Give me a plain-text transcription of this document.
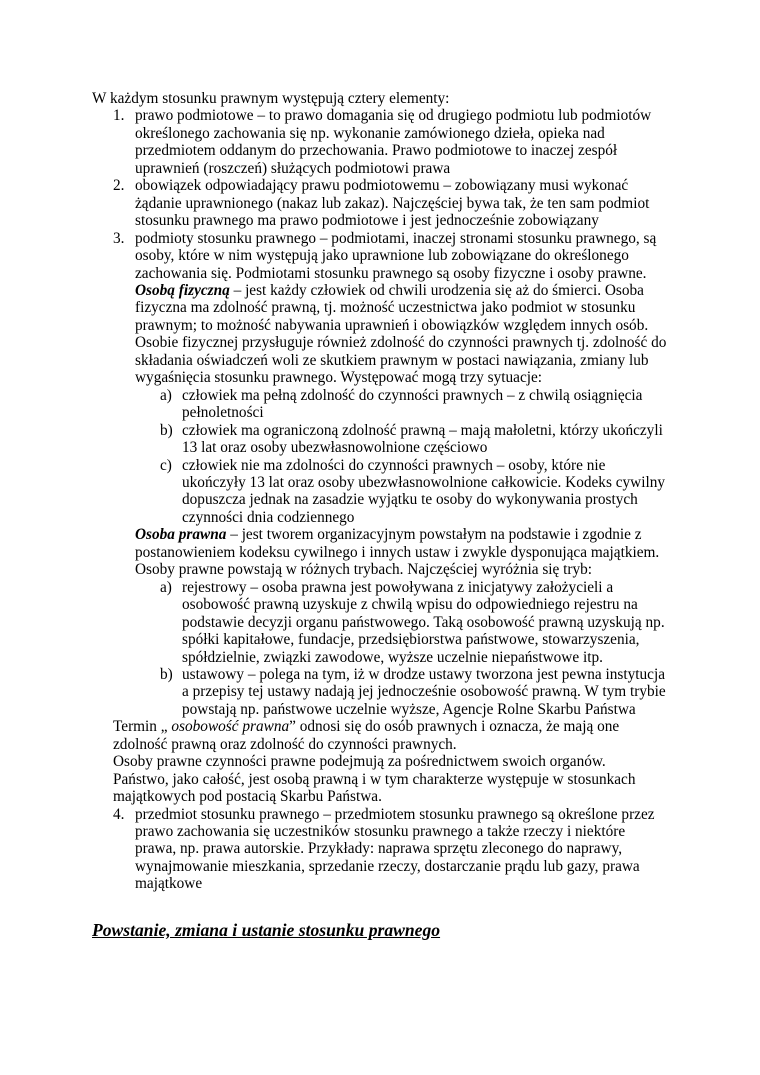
W każdym stosunku prawnym występują cztery elementy:

1. prawo podmiotowe – to prawo domagania się od drugiego podmiotu lub podmiotów określonego zachowania się np. wykonanie zamówionego dzieła, opieka nad przedmiotem oddanym do przechowania. Prawo podmiotowe to inaczej zespół uprawnień (roszczeń) służących podmiotowi prawa
2. obowiązek odpowiadający prawu podmiotowemu – zobowiązany musi wykonać żądanie uprawnionego (nakaz lub zakaz). Najczęściej bywa tak, że ten sam podmiot stosunku prawnego ma prawo podmiotowe i jest jednocześnie zobowiązany
3. podmioty stosunku prawnego – podmiotami, inaczej stronami stosunku prawnego, są osoby, które w nim występują jako uprawnione lub zobowiązane do określonego zachowania się. Podmiotami stosunku prawnego są osoby fizyczne i osoby prawne.

Osobą fizyczną – jest każdy człowiek od chwili urodzenia się aż do śmierci. Osoba fizyczna ma zdolność prawną, tj. możność uczestnictwa jako podmiot w stosunku prawnym; to możność nabywania uprawnień i obowiązków względem innych osób. Osobie fizycznej przysługuje również zdolność do czynności prawnych tj. zdolność do składania oświadczeń woli ze skutkiem prawnym w postaci nawiązania, zmiany lub wygaśnięcia stosunku prawnego. Występować mogą trzy sytuacje:

a) człowiek ma pełną zdolność do czynności prawnych – z chwilą osiągnięcia pełnoletności
b) człowiek ma ograniczoną zdolność prawną – mają małoletni, którzy ukończyli 13 lat oraz osoby ubezwłasnowolnione częściowo
c) człowiek nie ma zdolności do czynności prawnych – osoby, które nie ukończyły 13 lat oraz osoby ubezwłasnowolnione całkowicie. Kodeks cywilny dopuszcza jednak na zasadzie wyjątku te osoby do wykonywania prostych czynności dnia codziennego

Osoba prawna – jest tworem organizacyjnym powstałym na podstawie i zgodnie z postanowieniem kodeksu cywilnego i innych ustaw i zwykle dysponująca majątkiem. Osoby prawne powstają w różnych trybach. Najczęściej wyróżnia się tryb:

a) rejestrowy – osoba prawna jest powoływana z inicjatywy założycieli a osobowość prawną uzyskuje z chwilą wpisu do odpowiedniego rejestru na podstawie decyzji organu państwowego. Taką osobowość prawną uzyskują np. spółki kapitałowe, fundacje, przedsiębiorstwa państwowe, stowarzyszenia, spółdzielnie, związki zawodowe, wyższe uczelnie niepaństwowe itp.
b) ustawowy – polega na tym, iż w drodze ustawy tworzona jest pewna instytucja a przepisy tej ustawy nadają jej jednocześnie osobowość prawną. W tym trybie powstają np. państwowe uczelnie wyższe, Agencje Rolne Skarbu Państwa

Termin „ osobowość prawna” odnosi się do osób prawnych i oznacza, że mają one zdolność prawną oraz zdolność do czynności prawnych.

Osoby prawne czynności prawne podejmują za pośrednictwem swoich organów.

Państwo, jako całość, jest osobą prawną i w tym charakterze występuje w stosunkach majątkowych pod postacią Skarbu Państwa.

4. przedmiot stosunku prawnego – przedmiotem stosunku prawnego są określone przez prawo zachowania się uczestników stosunku prawnego a także rzeczy i niektóre prawa, np. prawa autorskie. Przykłady: naprawa sprzętu zleconego do naprawy, wynajmowanie mieszkania, sprzedanie rzeczy, dostarczanie prądu lub gazy, prawa majątkowe

Powstanie, zmiana i ustanie stosunku prawnego
